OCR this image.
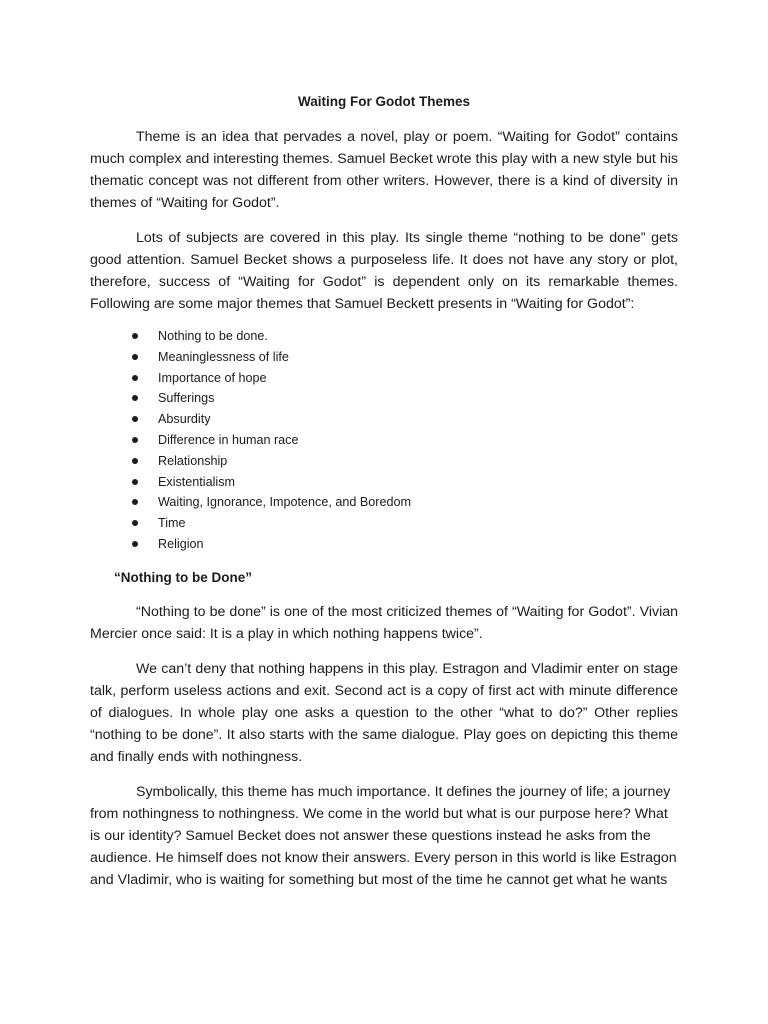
Waiting For Godot Themes

Theme is an idea that pervades a novel, play or poem. “Waiting for Godot” contains much complex and interesting themes. Samuel Becket wrote this play with a new style but his thematic concept was not different from other writers. However, there is a kind of diversity in themes of “Waiting for Godot”.

Lots of subjects are covered in this play. Its single theme “nothing to be done” gets good attention. Samuel Becket shows a purposeless life. It does not have any story or plot, therefore, success of “Waiting for Godot” is dependent only on its remarkable themes. Following are some major themes that Samuel Beckett presents in “Waiting for Godot”:

Nothing to be done.
Meaninglessness of life
Importance of hope
Sufferings
Absurdity
Difference in human race
Relationship
Existentialism
Waiting, Ignorance, Impotence, and Boredom
Time
Religion
“Nothing to be Done”

“Nothing to be done” is one of the most criticized themes of “Waiting for Godot”. Vivian Mercier once said: It is a play in which nothing happens twice”.

We can’t deny that nothing happens in this play. Estragon and Vladimir enter on stage talk, perform useless actions and exit. Second act is a copy of first act with minute difference of dialogues. In whole play one asks a question to the other “what to do?” Other replies “nothing to be done”. It also starts with the same dialogue. Play goes on depicting this theme and finally ends with nothingness.

Symbolically, this theme has much importance. It defines the journey of life; a journey from nothingness to nothingness. We come in the world but what is our purpose here? What is our identity? Samuel Becket does not answer these questions instead he asks from the audience. He himself does not know their answers. Every person in this world is like Estragon and Vladimir, who is waiting for something but most of the time he cannot get what he wants
